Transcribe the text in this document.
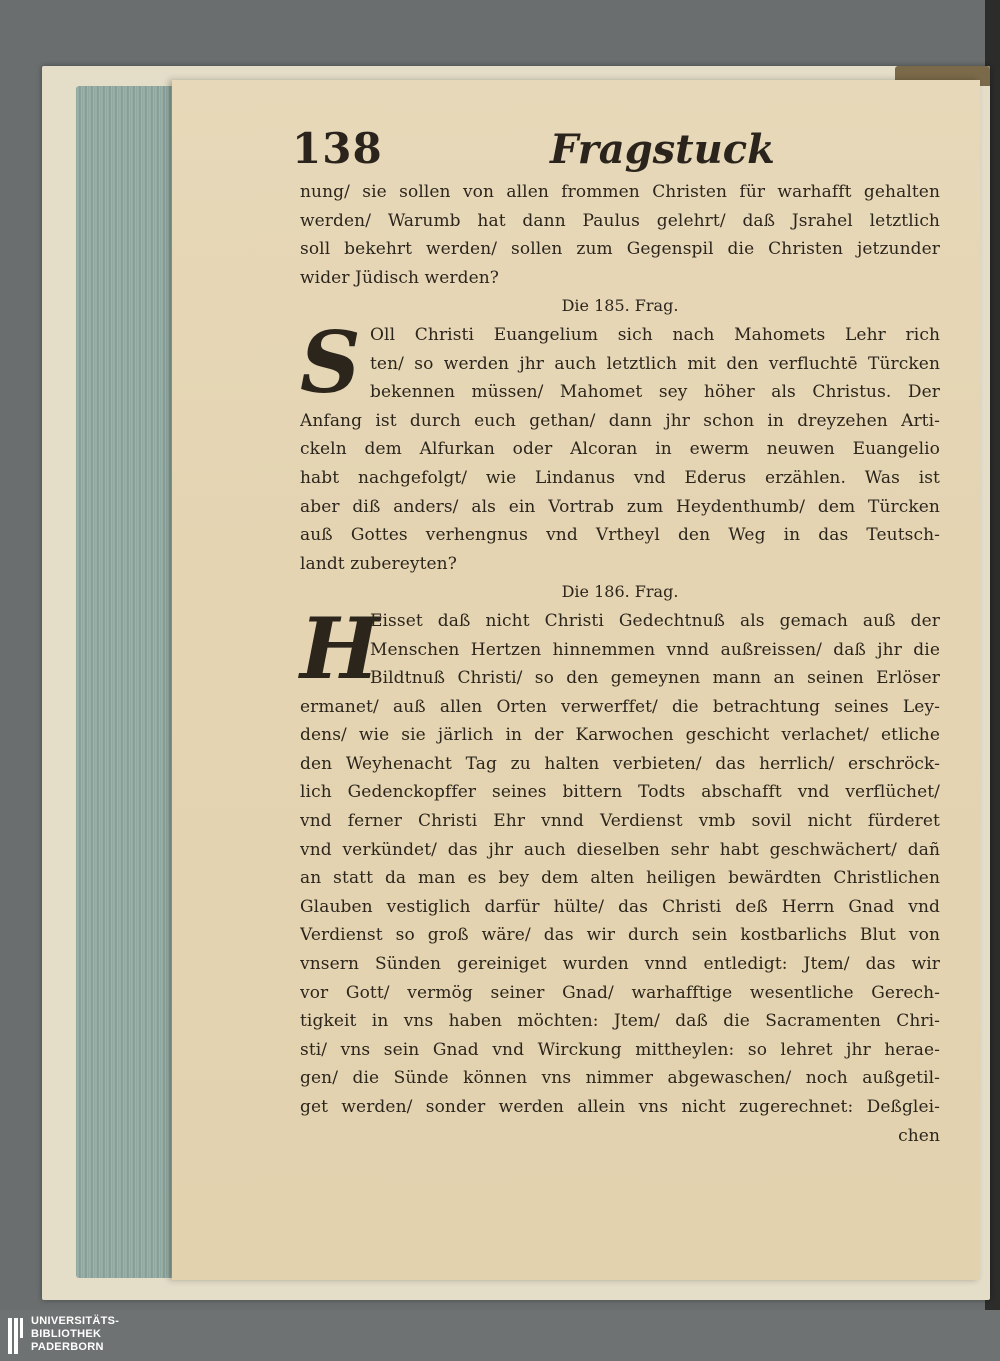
138	Fragstuck
nung/ sie sollen von allen frommen Christen für warhafft gehalten
werden/ Warumb hat dann Paulus gelehrt/ daß Jsrahel letztlich
soll bekehrt werden/ sollen zum Gegenspil die Christen jetzunder
wider Jüdisch werden?
Die 185. Frag.
S Oll Christi Euangelium sich nach Mahomets Lehr rich
ten/ so werden jhr auch letztlich mit den verfluchtē Türcken
bekennen müssen/ Mahomet sey höher als Christus. Der
Anfang ist durch euch gethan/ dann jhr schon in dreyzehen Arti-
ckeln dem Alfurkan oder Alcoran in ewerm neuwen Euangelio
habt nachgefolgt/ wie Lindanus vnd Ederus erzählen. Was ist
aber diß anders/ als ein Vortrab zum Heydenthumb/ dem Türcken
auß Gottes verhengnus vnd Vrtheyl den Weg in das Teutsch-
landt zubereyten?
Die 186. Frag.
H
Eisset daß nicht Christi Gedechtnuß als gemach auß der
Menschen Hertzen hinnemmen vnnd außreissen/ daß jhr die
Bildtnuß Christi/ so den gemeynen mann an seinen Erlöser
ermanet/ auß allen Orten verwerffet/ die betrachtung seines Ley-
dens/ wie sie järlich in der Karwochen geschicht verlachet/ etliche
den Weyhenacht Tag zu halten verbieten/ das herrlich/ erschröck-
lich Gedenckopffer seines bittern Todts abschafft vnd verflüchet/
vnd ferner Christi Ehr vnnd Verdienst vmb sovil nicht fürderet
vnd verkündet/ das jhr auch dieselben sehr habt geschwächert/ dañ
an statt da man es bey dem alten heiligen bewärdten Christlichen
Glauben vestiglich darfür hülte/ das Christi deß Herrn Gnad vnd
Verdienst so groß wäre/ das wir durch sein kostbarlichs Blut von
vnsern Sünden gereiniget wurden vnnd entledigt: Jtem/ das wir
vor Gott/ vermög seiner Gnad/ warhafftige wesentliche Gerech-
tigkeit in vns haben möchten: Jtem/ daß die Sacramenten Chri-
sti/ vns sein Gnad vnd Wirckung mittheylen: so lehret jhr herae-
gen/ die Sünde können vns nimmer abgewaschen/ noch außgetil-
get werden/ sonder werden allein vns nicht zugerechnet: Deßglei-
chen
UNIVERSITÄTS-
BIBLIOTHEK
PADERBORN
